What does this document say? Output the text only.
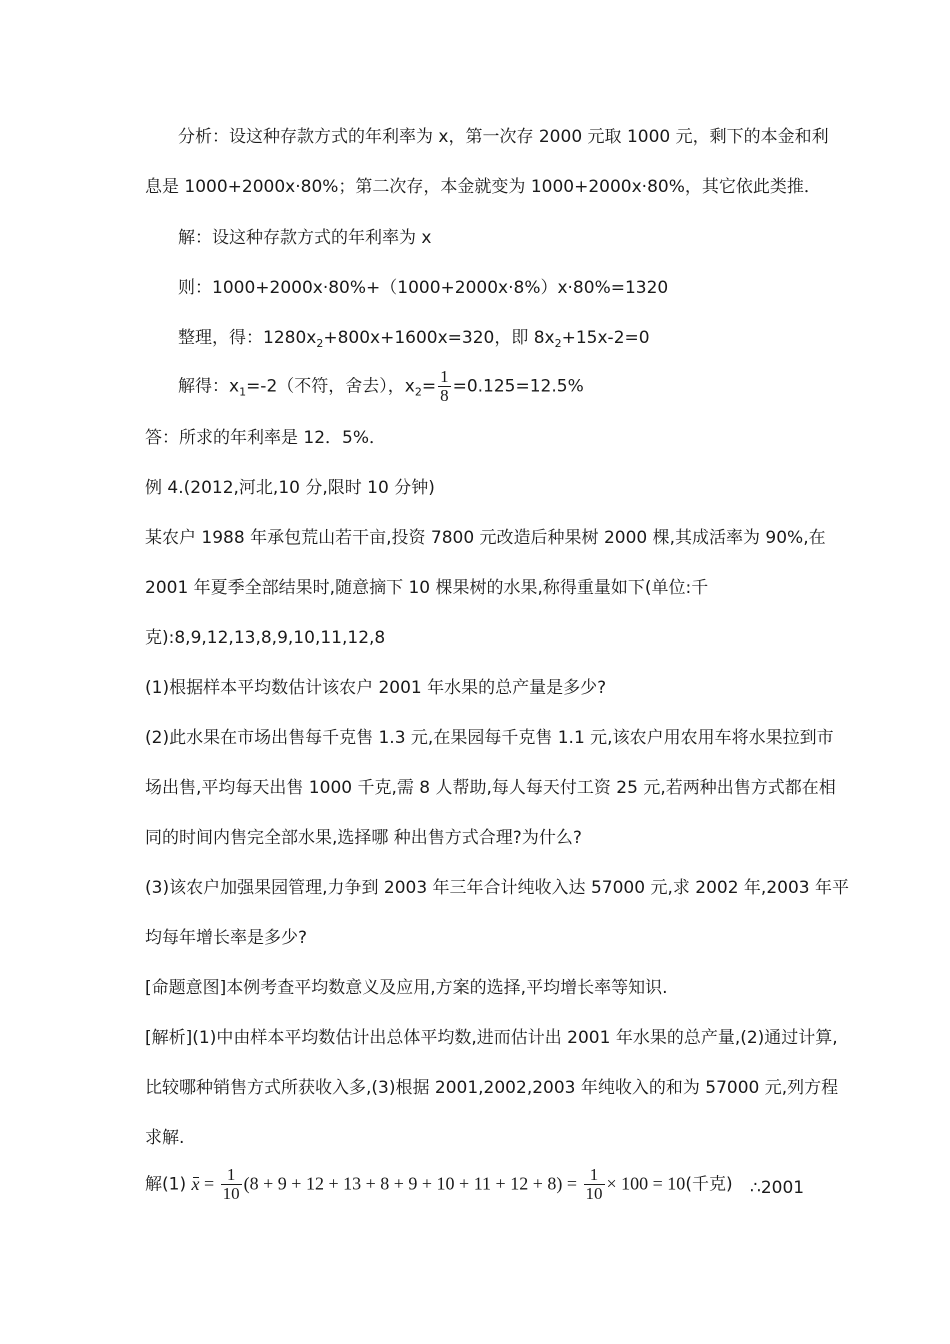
分析：设这种存款方式的年利率为 x，第一次存 2000 元取 1000 元，剩下的本金和利
息是 1000+2000x·80%；第二次存，本金就变为 1000+2000x·80%，其它依此类推．
解：设这种存款方式的年利率为 x
则：1000+2000x·80%+（1000+2000x·8%）x·80%=1320
整理，得：$1280x_2+800x+1600x=320$，即 $8x_2+15x-2=0$
解得：$x_1=-2$（不符，舍去），$x_2= \frac{1}{8} =0.125=12.5\%$
答：所求的年利率是 12．5%．
例 4.(2012,河北,10 分,限时 10 分钟)
某农户 1988 年承包荒山若干亩,投资 7800 元改造后种果树 2000 棵,其成活率为 90%,在
2001 年夏季全部结果时,随意摘下 10 棵果树的水果,称得重量如下(单位:千
克):8,9,12,13,8,9,10,11,12,8
(1)根据样本平均数估计该农户 2001 年水果的总产量是多少?
(2)此水果在市场出售每千克售 1.3 元,在果园每千克售 1.1 元,该农户用农用车将水果拉到市
场出售,平均每天出售 1000 千克,需 8 人帮助,每人每天付工资 25 元,若两种出售方式都在相
同的时间内售完全部水果,选择哪 种出售方式合理?为什么?
(3)该农户加强果园管理,力争到 2003 年三年合计纯收入达 57000 元,求 2002 年,2003 年平
均每年增长率是多少?
[命题意图]本例考查平均数意义及应用,方案的选择,平均增长率等知识.
[解析](1)中由样本平均数估计出总体平均数,进而估计出 2001 年水果的总产量,(2)通过计算,
比较哪种销售方式所获收入多,(3)根据 2001,2002,2003 年纯收入的和为 57000 元,列方程
求解.
解(1) $x = \frac{1}{10} (8 + 9 + 12 + 13 + 8 + 9 + 10 + 11 + 12 + 8) = \frac{1}{10} \times 100 = 10$(千克) ∴2001
